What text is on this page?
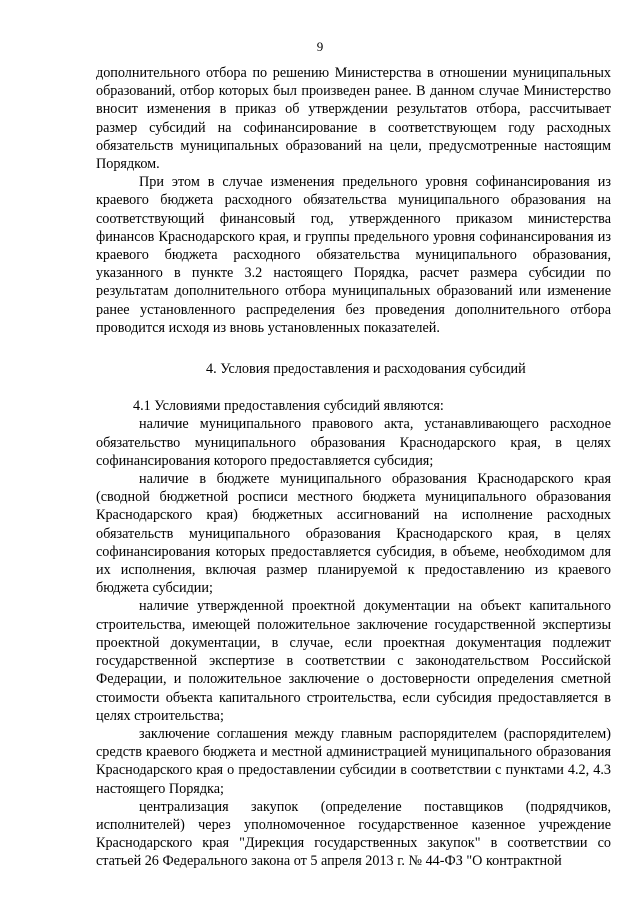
9

дополнительного отбора по решению Министерства в отношении муниципальных образований, отбор которых был произведен ранее. В данном случае Министерство вносит изменения в приказ об утверждении результатов отбора, рассчитывает размер субсидий на софинансирование в соответствующем году расходных обязательств муниципальных образований на цели, предусмотренные настоящим Порядком.

При этом в случае изменения предельного уровня софинансирования из краевого бюджета расходного обязательства муниципального образования на соответствующий финансовый год, утвержденного приказом министерства финансов Краснодарского края, и группы предельного уровня софинансирования из краевого бюджета расходного обязательства муниципального образования, указанного в пункте 3.2 настоящего Порядка, расчет размера субсидии по результатам дополнительного отбора муниципальных образований или изменение ранее установленного распределения без проведения дополнительного отбора проводится исходя из вновь установленных показателей.

4. Условия предоставления и расходования субсидий

4.1 Условиями предоставления субсидий являются:

наличие муниципального правового акта, устанавливающего расходное обязательство муниципального образования Краснодарского края, в целях софинансирования которого предоставляется субсидия;

наличие в бюджете муниципального образования Краснодарского края (сводной бюджетной росписи местного бюджета муниципального образования Краснодарского края) бюджетных ассигнований на исполнение расходных обязательств муниципального образования Краснодарского края, в целях софинансирования которых предоставляется субсидия, в объеме, необходимом для их исполнения, включая размер планируемой к предоставлению из краевого бюджета субсидии;

наличие утвержденной проектной документации на объект капитального строительства, имеющей положительное заключение государственной экспертизы проектной документации, в случае, если проектная документация подлежит государственной экспертизе в соответствии с законодательством Российской Федерации, и положительное заключение о достоверности определения сметной стоимости объекта капитального строительства, если субсидия предоставляется в целях строительства;

заключение соглашения между главным распорядителем (распорядителем) средств краевого бюджета и местной администрацией муниципального образования Краснодарского края о предоставлении субсидии в соответствии с пунктами 4.2, 4.3 настоящего Порядка;

централизация закупок (определение поставщиков (подрядчиков, исполнителей) через уполномоченное государственное казенное учреждение Краснодарского края "Дирекция государственных закупок" в соответствии со статьей 26 Федерального закона от 5 апреля 2013 г. № 44-ФЗ "О контрактной
